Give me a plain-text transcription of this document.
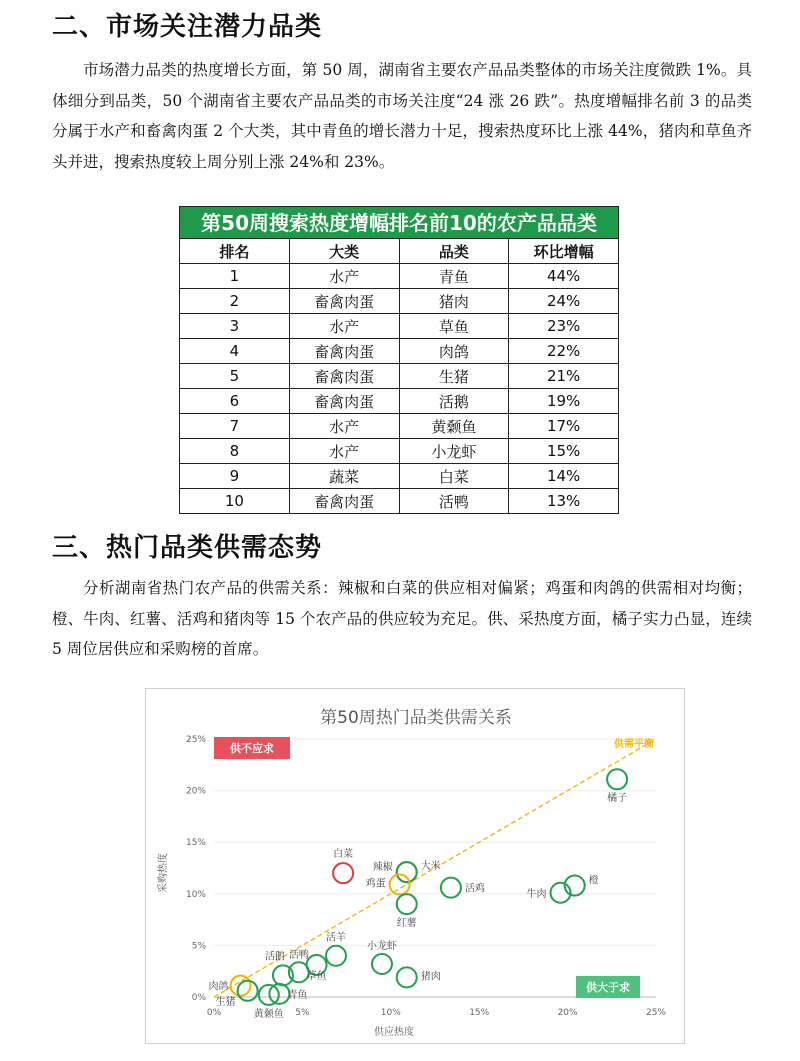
二、市场关注潜力品类

市场潜力品类的热度增长方面，第 50 周，湖南省主要农产品品类整体的市场关注度微跌 1%。具体细分到品类，50 个湖南省主要农产品品类的市场关注度“24 涨 26 跌”。热度增幅排名前 3 的品类分属于水产和畜禽肉蛋 2 个大类，其中青鱼的增长潜力十足，搜索热度环比上涨 44%，猪肉和草鱼齐头并进，搜索热度较上周分别上涨 24%和 23%。

第50周搜索热度增幅排名前10的农产品品类
排名	大类	品类	环比增幅
1	水产	青鱼	44%
2	畜禽肉蛋	猪肉	24%
3	水产	草鱼	23%
4	畜禽肉蛋	肉鸽	22%
5	畜禽肉蛋	生猪	21%
6	畜禽肉蛋	活鹅	19%
7	水产	黄颡鱼	17%
8	水产	小龙虾	15%
9	蔬菜	白菜	14%
10	畜禽肉蛋	活鸭	13%
三、热门品类供需态势

分析湖南省热门农产品的供需关系：辣椒和白菜的供应相对偏紧；鸡蛋和肉鸽的供需相对均衡；橙、牛肉、红薯、活鸡和猪肉等 15 个农产品的供应较为充足。供、采热度方面，橘子实力凸显，连续 5 周位居供应和采购榜的首席。

第50周热门品类供需关系
供不应求
供大于求
供需平衡
供应热度
采购热度
0%
5%
10%
15%
20%
25%
0%	5%	10%	15%	20%	25%
橘子
白菜
辣椒	大米
鸡蛋
红薯
活鸡	牛肉
橙
活羊
小龙虾
猪肉
活鸭
活鹅
草鱼
肉鸽
生猪
黄颡鱼
青鱼
